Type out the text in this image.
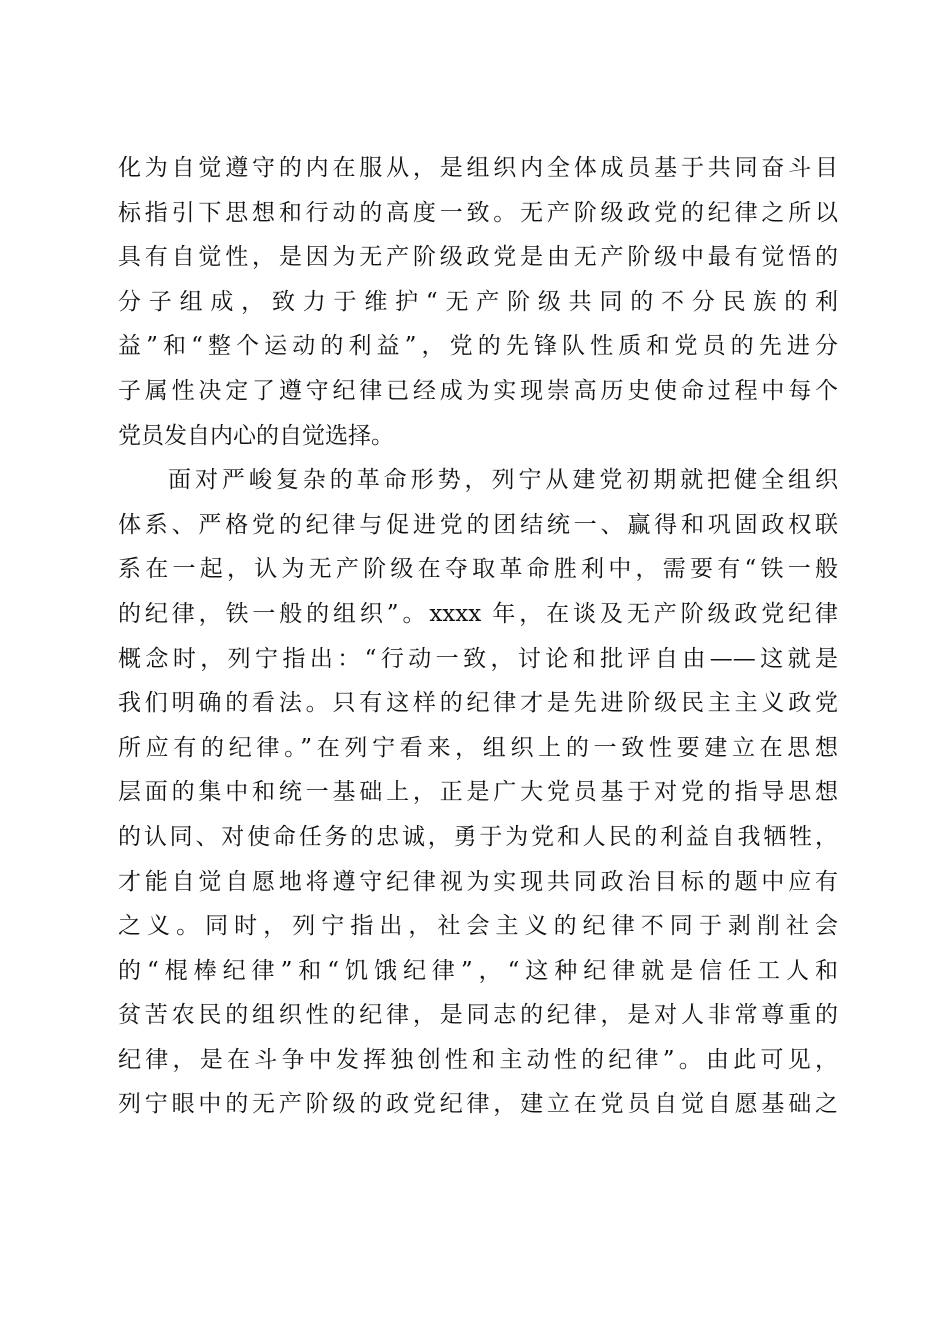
化为自觉遵守的内在服从，是组织内全体成员基于共同奋斗目
标指引下思想和行动的高度一致。无产阶级政党的纪律之所以
具有自觉性，是因为无产阶级政党是由无产阶级中最有觉悟的
分子组成，致力于维护“无产阶级共同的不分民族的利
益”和“整个运动的利益”，党的先锋队性质和党员的先进分
子属性决定了遵守纪律已经成为实现崇高历史使命过程中每个
党员发自内心的自觉选择。
面对严峻复杂的革命形势，列宁从建党初期就把健全组织
体系、严格党的纪律与促进党的团结统一、赢得和巩固政权联
系在一起，认为无产阶级在夺取革命胜利中，需要有“铁一般
的纪律，铁一般的组织”。xxxx 年，在谈及无产阶级政党纪律
概念时，列宁指出：“行动一致，讨论和批评自由——这就是
我们明确的看法。只有这样的纪律才是先进阶级民主主义政党
所应有的纪律。”在列宁看来，组织上的一致性要建立在思想
层面的集中和统一基础上，正是广大党员基于对党的指导思想
的认同、对使命任务的忠诚，勇于为党和人民的利益自我牺牲，
才能自觉自愿地将遵守纪律视为实现共同政治目标的题中应有
之义。同时，列宁指出，社会主义的纪律不同于剥削社会
的“棍棒纪律”和“饥饿纪律”，“这种纪律就是信任工人和
贫苦农民的组织性的纪律，是同志的纪律，是对人非常尊重的
纪律，是在斗争中发挥独创性和主动性的纪律”。由此可见，
列宁眼中的无产阶级的政党纪律，建立在党员自觉自愿基础之
